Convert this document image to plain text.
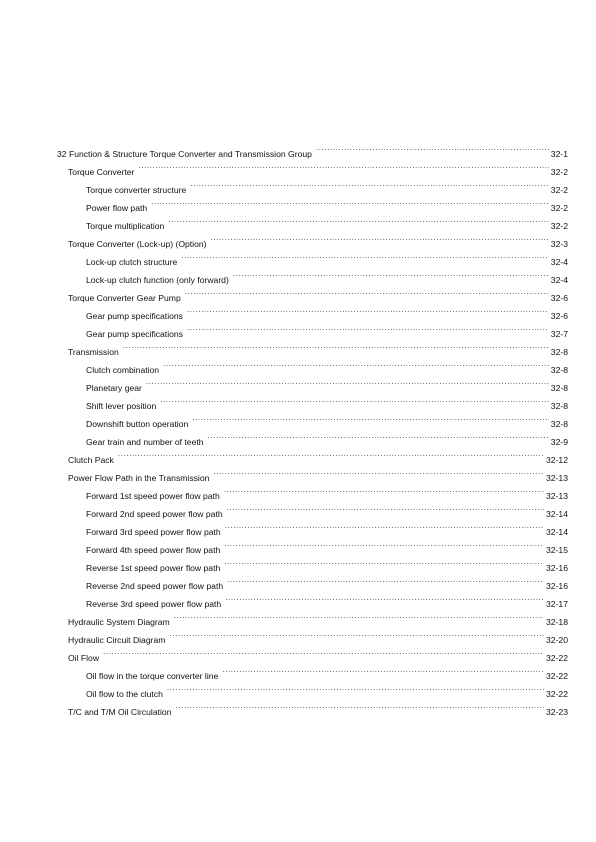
32 Function & Structure Torque Converter and Transmission Group .....	32-1
Torque Converter .....	32-2
Torque converter structure .....	32-2
Power flow path .....	32-2
Torque multiplication .....	32-2
Torque Converter (Lock-up) (Option) .....	32-3
Lock-up clutch structure .....	32-4
Lock-up clutch function (only forward) .....	32-4
Torque Converter Gear Pump .....	32-6
Gear pump specifications .....	32-6
Gear pump specifications .....	32-7
Transmission .....	32-8
Clutch combination .....	32-8
Planetary gear .....	32-8
Shift lever position .....	32-8
Downshift button operation .....	32-8
Gear train and number of teeth .....	32-9
Clutch Pack .....	32-12
Power Flow Path in the Transmission .....	32-13
Forward 1st speed power flow path .....	32-13
Forward 2nd speed power flow path .....	32-14
Forward 3rd speed power flow path .....	32-14
Forward 4th speed power flow path .....	32-15
Reverse 1st speed power flow path .....	32-16
Reverse 2nd speed power flow path .....	32-16
Reverse 3rd speed power flow path .....	32-17
Hydraulic System Diagram .....	32-18
Hydraulic Circuit Diagram .....	32-20
Oil Flow .....	32-22
Oil flow in the torque converter line .....	32-22
Oil flow to the clutch .....	32-22
T/C and T/M Oil Circulation .....	32-23
